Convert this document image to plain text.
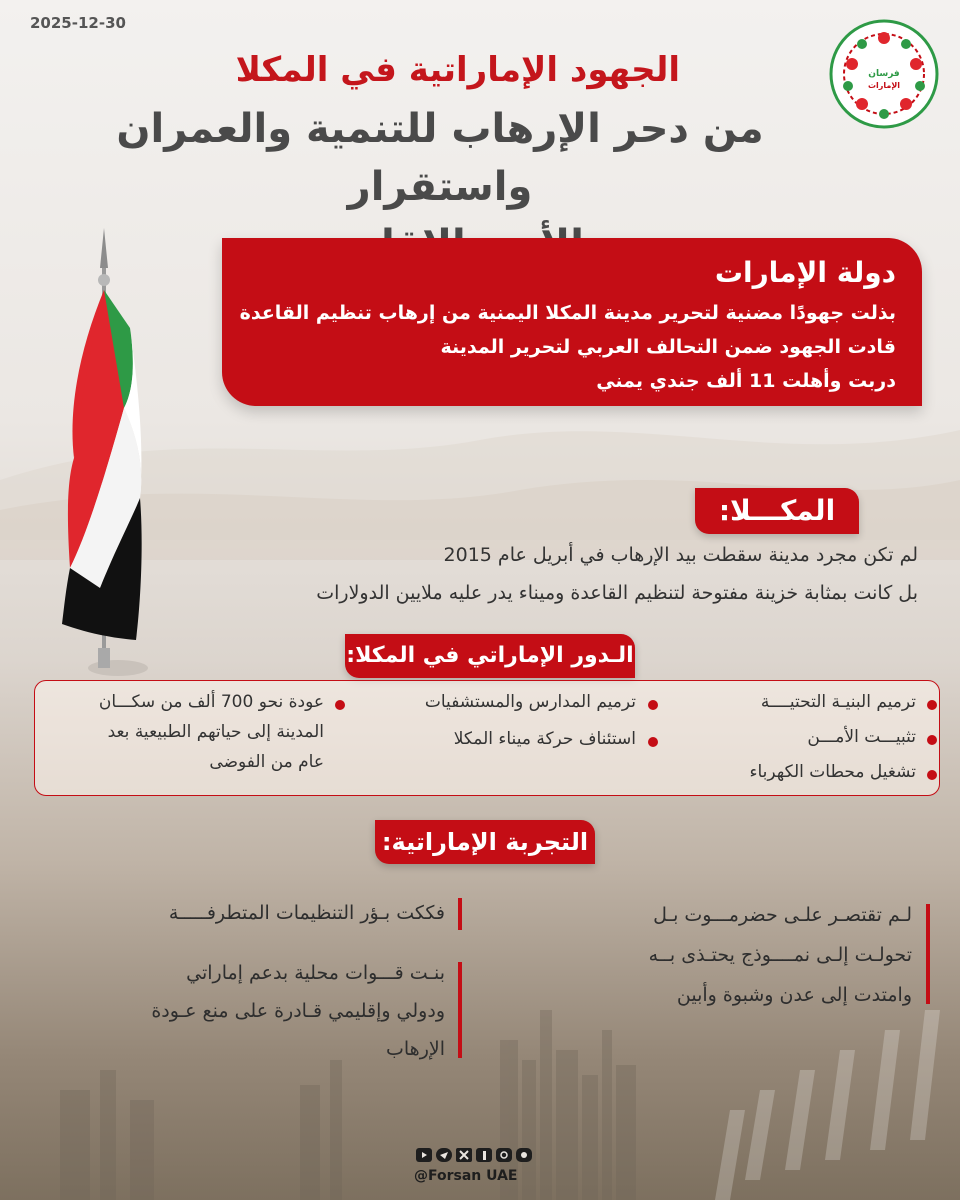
2025-12-30
فرسان
الإمارات
الجهود الإماراتية في المكلا
من دحر الإرهاب للتنمية والعمران واستقرار
دولة الإمارات
بذلت جهودًا مضنية لتحرير مدينة المكلا اليمنية من إرهاب تنظيم القاعدة
قادت الجهود ضمن التحالف العربي لتحرير المدينة
دربت وأهلت 11 ألف جندي يمني
المكـــلا:
لم تكن مجرد مدينة سقطت بيد الإرهاب في أبريل عام 2015
بل كانت بمثابة خزينة مفتوحة لتنظيم القاعدة وميناء يدر عليه ملايين الدولارات
الـدور الإماراتي في المكلا:
ترميم البنيـة التحتيــــة
تثبيـــت الأمـــن
تشغيل محطات الكهرباء
ترميم المدارس والمستشفيات
استئناف حركة ميناء المكلا
عودة نحو 700 ألف من سكـــان
المدينة إلى حياتهم الطبيعية بعد
عام من الفوضى
التجربة الإماراتية:
لـم تقتصـر علـى حضرمـــوت بـل
تحولـت إلـى نمــــوذج يحتـذى بــه
وامتدت إلى عدن وشبوة وأبين
فككت بـؤر التنظيمات المتطرفـــــة
بنـت قـــوات محلية بدعم إماراتي
ودولي وإقليمي قـادرة على منع عـودة
الإرهاب
@Forsan UAE
